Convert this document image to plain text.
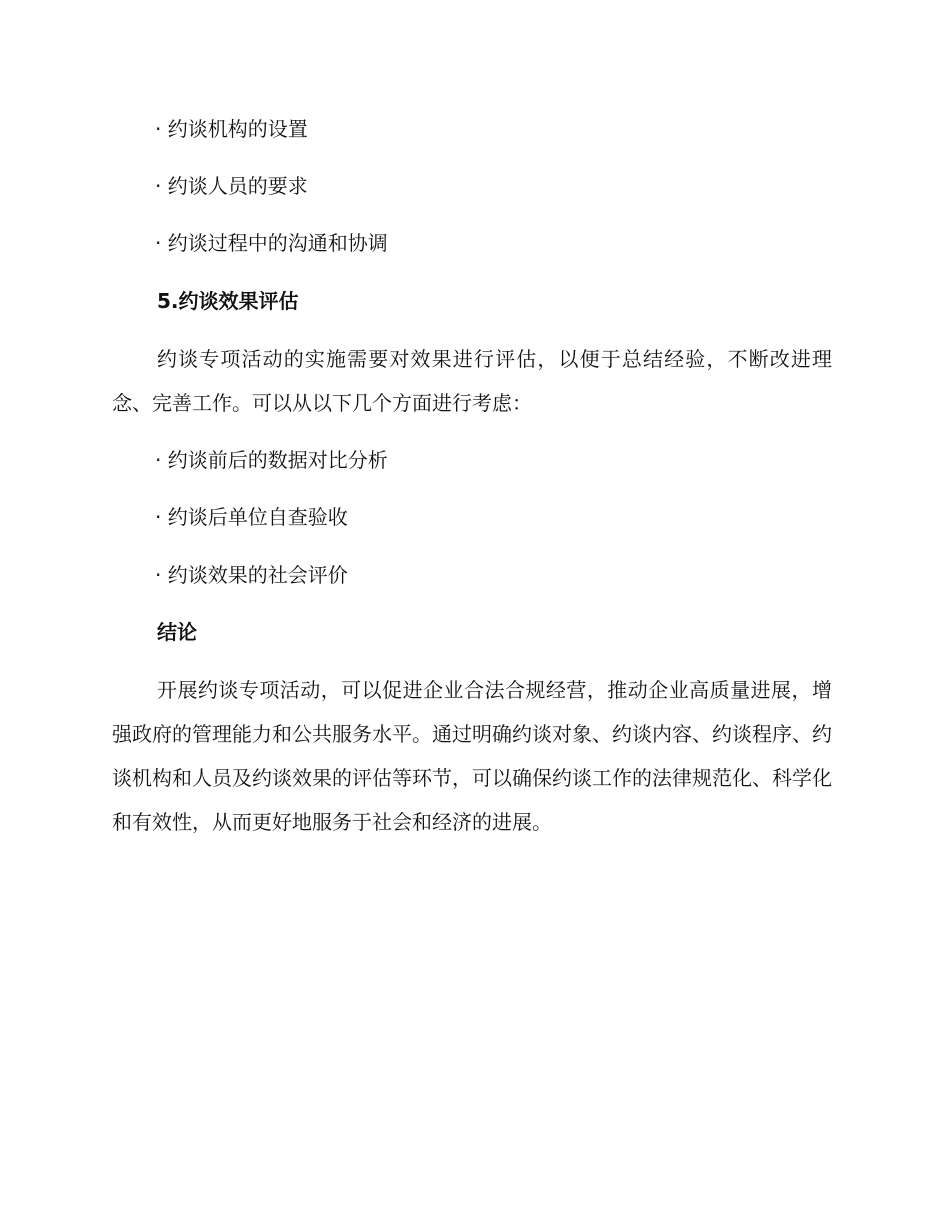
· 约谈机构的设置
· 约谈人员的要求
· 约谈过程中的沟通和协调
5.约谈效果评估
约谈专项活动的实施需要对效果进行评估，以便于总结经验，不断改进理念、完善工作。可以从以下几个方面进行考虑：
· 约谈前后的数据对比分析
· 约谈后单位自查验收
· 约谈效果的社会评价
结论
开展约谈专项活动，可以促进企业合法合规经营，推动企业高质量进展，增强政府的管理能力和公共服务水平。通过明确约谈对象、约谈内容、约谈程序、约谈机构和人员及约谈效果的评估等环节，可以确保约谈工作的法律规范化、科学化和有效性，从而更好地服务于社会和经济的进展。
